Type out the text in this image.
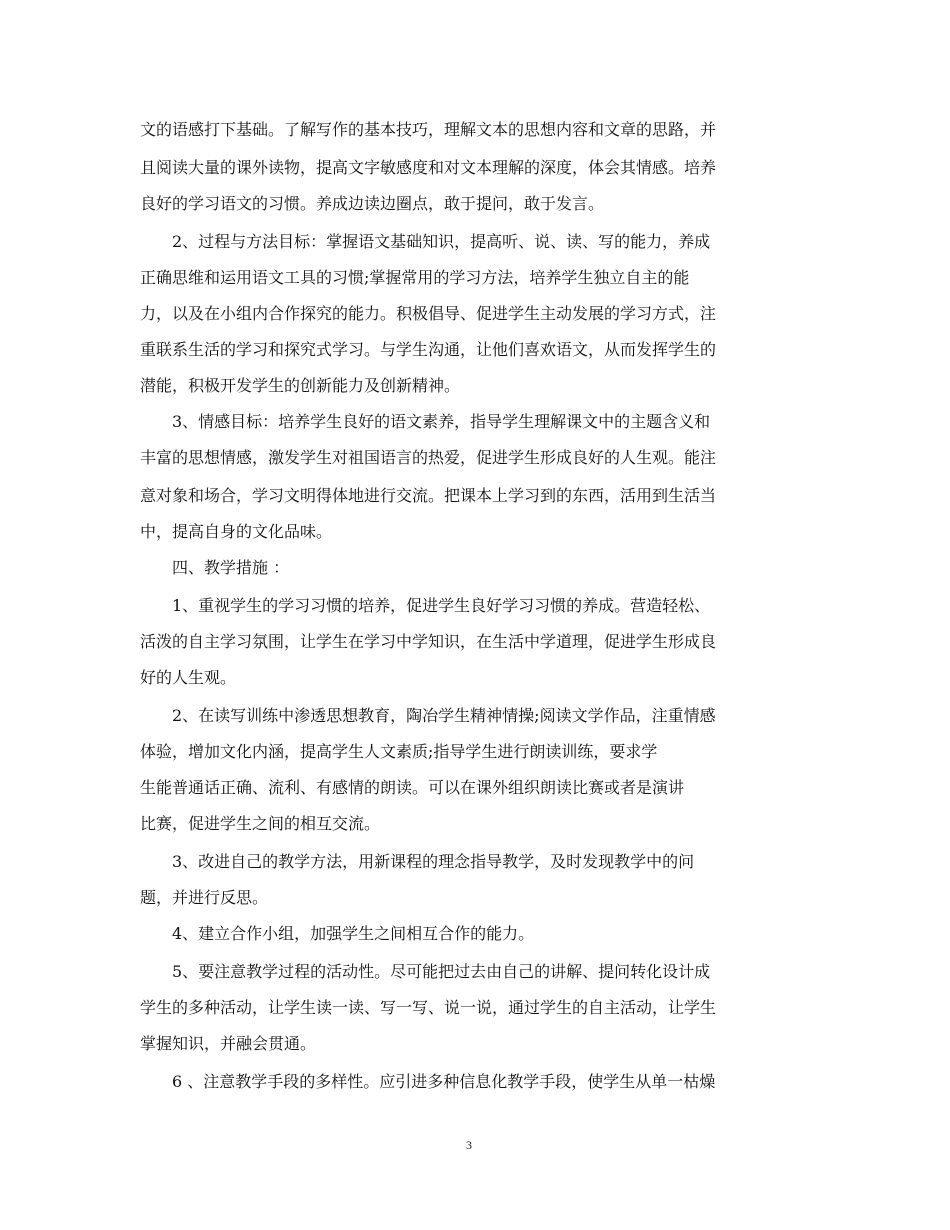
文的语感打下基础。了解写作的基本技巧，理解文本的思想内容和文章的思路，并
且阅读大量的课外读物，提高文字敏感度和对文本理解的深度，体会其情感。培养
良好的学习语文的习惯。养成边读边圈点，敢于提问，敢于发言。
　　2、过程与方法目标：掌握语文基础知识，提高听、说、读、写的能力，养成
正确思维和运用语文工具的习惯;掌握常用的学习方法，培养学生独立自主的能
力，以及在小组内合作探究的能力。积极倡导、促进学生主动发展的学习方式，注
重联系生活的学习和探究式学习。与学生沟通，让他们喜欢语文，从而发挥学生的
潜能，积极开发学生的创新能力及创新精神。
　　3、情感目标：培养学生良好的语文素养，指导学生理解课文中的主题含义和
丰富的思想情感，激发学生对祖国语言的热爱，促进学生形成良好的人生观。能注
意对象和场合，学习文明得体地进行交流。把课本上学习到的东西，活用到生活当
中，提高自身的文化品味。
　　四、教学措施 ：
　　1、重视学生的学习习惯的培养，促进学生良好学习习惯的养成。营造轻松、
活泼的自主学习氛围，让学生在学习中学知识，在生活中学道理，促进学生形成良
好的人生观。
　　2、在读写训练中渗透思想教育，陶冶学生精神情操;阅读文学作品，注重情感
体验，增加文化内涵，提高学生人文素质;指导学生进行朗读训练，要求学
生能普通话正确、流利、有感情的朗读。可以在课外组织朗读比赛或者是演讲
比赛，促进学生之间的相互交流。
　　3、改进自己的教学方法，用新课程的理念指导教学，及时发现教学中的问
题，并进行反思。
　　4、建立合作小组，加强学生之间相互合作的能力。
　　5、要注意教学过程的活动性。尽可能把过去由自己的讲解、提问转化设计成
学生的多种活动，让学生读一读、写一写、说一说，通过学生的自主活动，让学生
掌握知识，并融会贯通。
　　6 、注意教学手段的多样性。应引进多种信息化教学手段，使学生从单一枯燥
3
